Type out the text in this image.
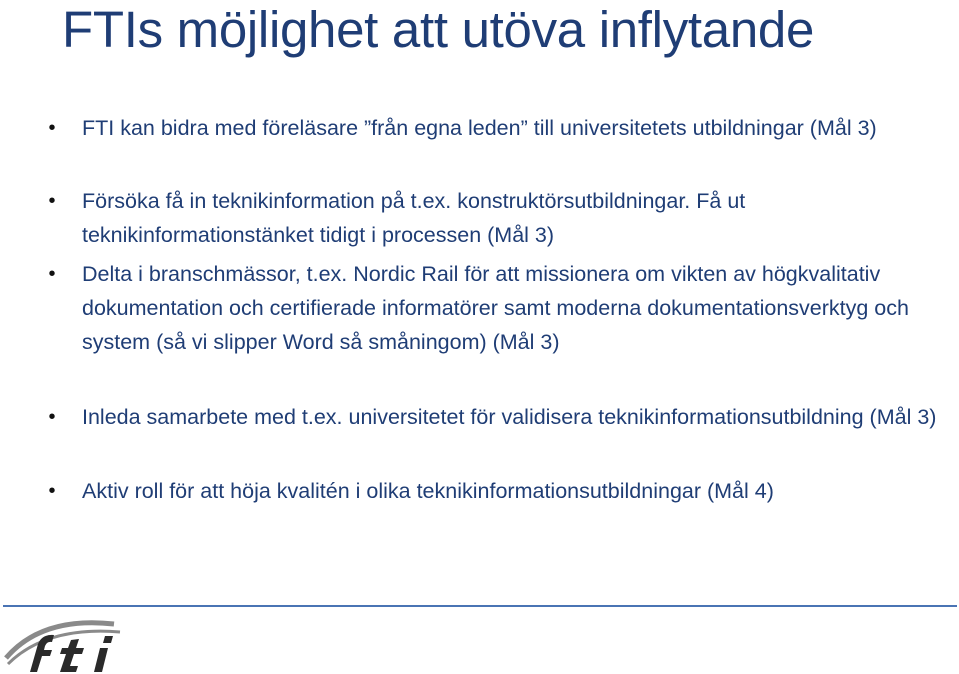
FTIs möjlighet att utöva inflytande
•	FTI kan bidra med föreläsare ”från egna leden” till universitetets utbildningar (Mål 3)
•	Försöka få in teknikinformation på t.ex. konstruktörsutbildningar. Få ut teknikinformationstänket tidigt i processen (Mål 3)
•	Delta i branschmässor, t.ex. Nordic Rail för att missionera om vikten av högkvalitativ dokumentation och certifierade informatörer samt moderna dokumentationsverktyg och system (så vi slipper Word så småningom) (Mål 3)
•	Inleda samarbete med t.ex. universitetet för validisera teknikinformationsutbildning (Mål 3)
•	Aktiv roll för att höja kvalitén i olika teknikinformationsutbildningar (Mål 4)
